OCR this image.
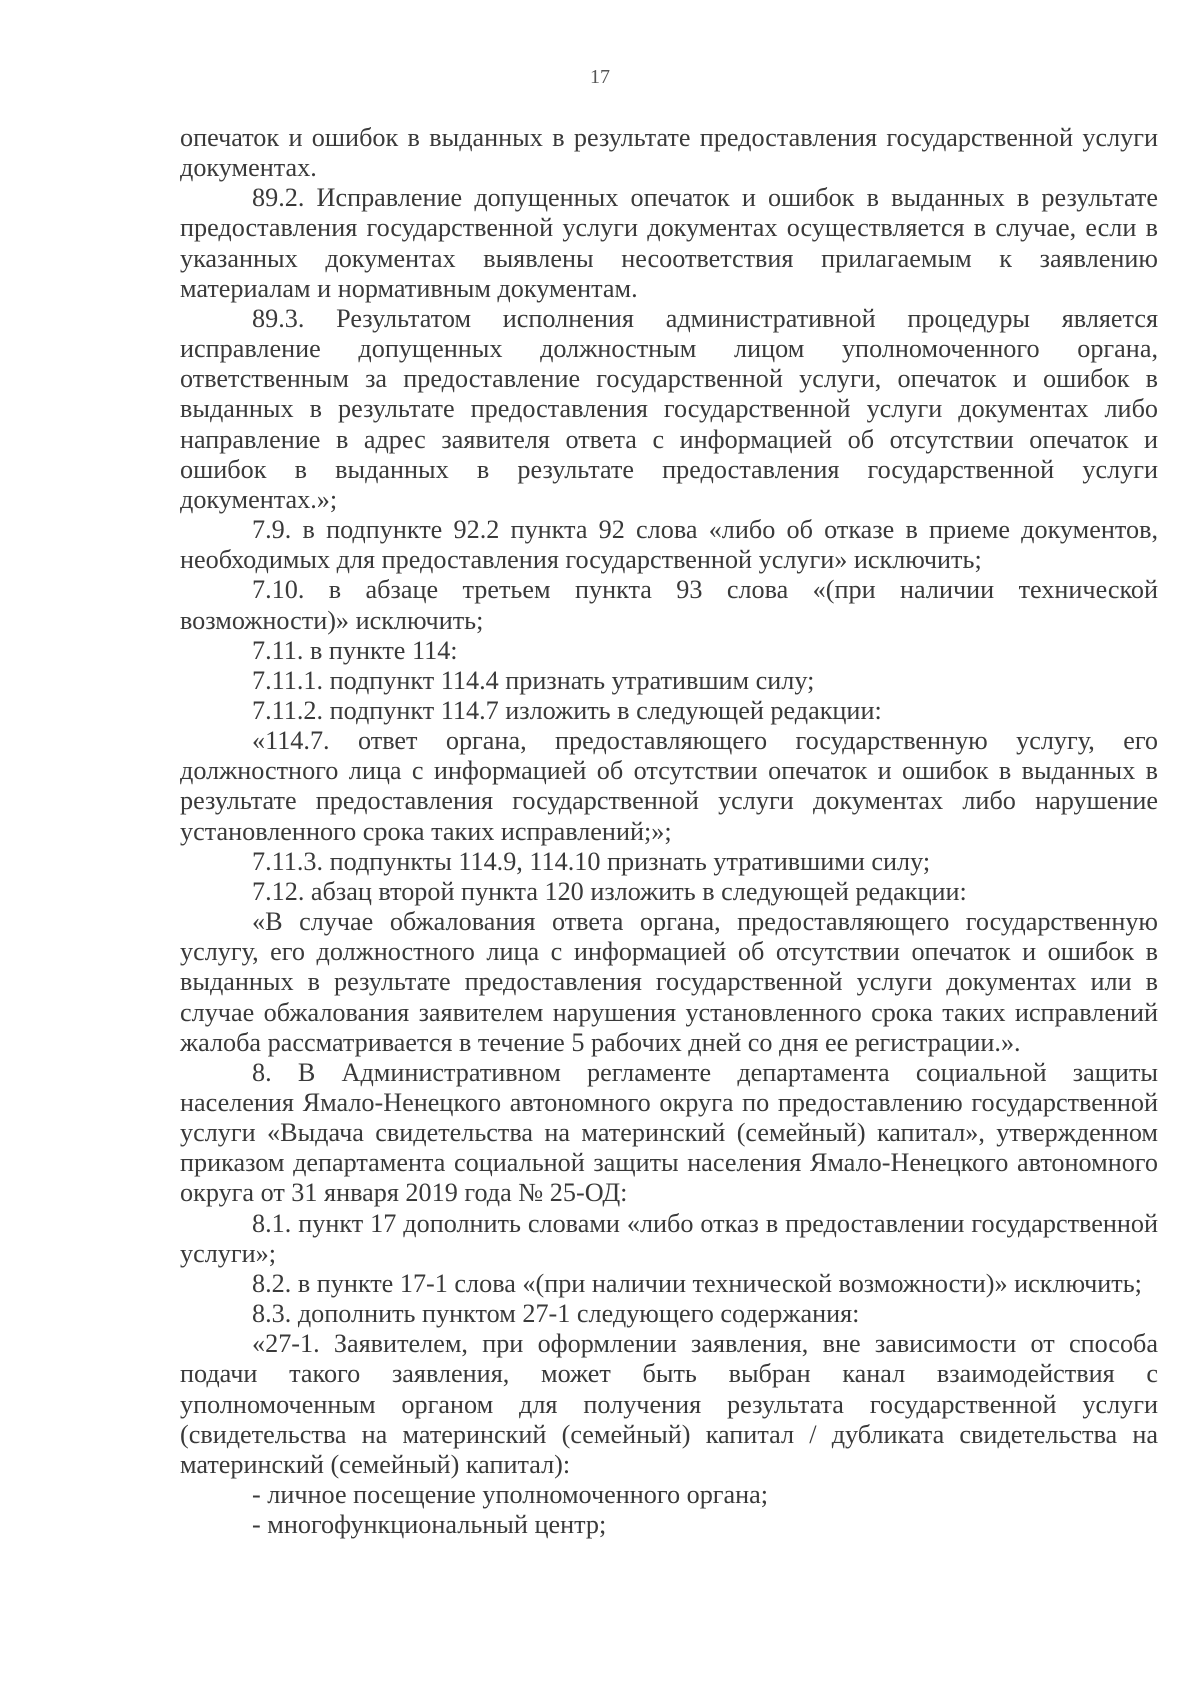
17

опечаток и ошибок в выданных в результате предоставления государственной услуги документах.

89.2. Исправление допущенных опечаток и ошибок в выданных в результате предоставления государственной услуги документах осуществляется в случае, если в указанных документах выявлены несоответствия прилагаемым к заявлению материалам и нормативным документам.

89.3. Результатом исполнения административной процедуры является исправление допущенных должностным лицом уполномоченного органа, ответственным за предоставление государственной услуги, опечаток и ошибок в выданных в результате предоставления государственной услуги документах либо направление в адрес заявителя ответа с информацией об отсутствии опечаток и ошибок в выданных в результате предоставления государственной услуги документах.»;

7.9. в подпункте 92.2 пункта 92 слова «либо об отказе в приеме документов, необходимых для предоставления государственной услуги» исключить;

7.10. в абзаце третьем пункта 93 слова «(при наличии технической возможности)» исключить;

7.11. в пункте 114:

7.11.1. подпункт 114.4 признать утратившим силу;

7.11.2. подпункт 114.7 изложить в следующей редакции:

«114.7. ответ органа, предоставляющего государственную услугу, его должностного лица с информацией об отсутствии опечаток и ошибок в выданных в результате предоставления государственной услуги документах либо нарушение установленного срока таких исправлений;»;

7.11.3. подпункты 114.9, 114.10 признать утратившими силу;

7.12. абзац второй пункта 120 изложить в следующей редакции:

«В случае обжалования ответа органа, предоставляющего государственную услугу, его должностного лица с информацией об отсутствии опечаток и ошибок в выданных в результате предоставления государственной услуги документах или в случае обжалования заявителем нарушения установленного срока таких исправлений жалоба рассматривается в течение 5 рабочих дней со дня ее регистрации.».

8. В Административном регламенте департамента социальной защиты населения Ямало-Ненецкого автономного округа по предоставлению государственной услуги «Выдача свидетельства на материнский (семейный) капитал», утвержденном приказом департамента социальной защиты населения Ямало-Ненецкого автономного округа от 31 января 2019 года № 25-ОД:

8.1. пункт 17 дополнить словами «либо отказ в предоставлении государственной услуги»;

8.2. в пункте 17-1 слова «(при наличии технической возможности)» исключить;

8.3. дополнить пунктом 27-1 следующего содержания:

«27-1. Заявителем, при оформлении заявления, вне зависимости от способа подачи такого заявления, может быть выбран канал взаимодействия с уполномоченным органом для получения результата государственной услуги (свидетельства на материнский (семейный) капитал / дубликата свидетельства на материнский (семейный) капитал):

- личное посещение уполномоченного органа;

- многофункциональный центр;
